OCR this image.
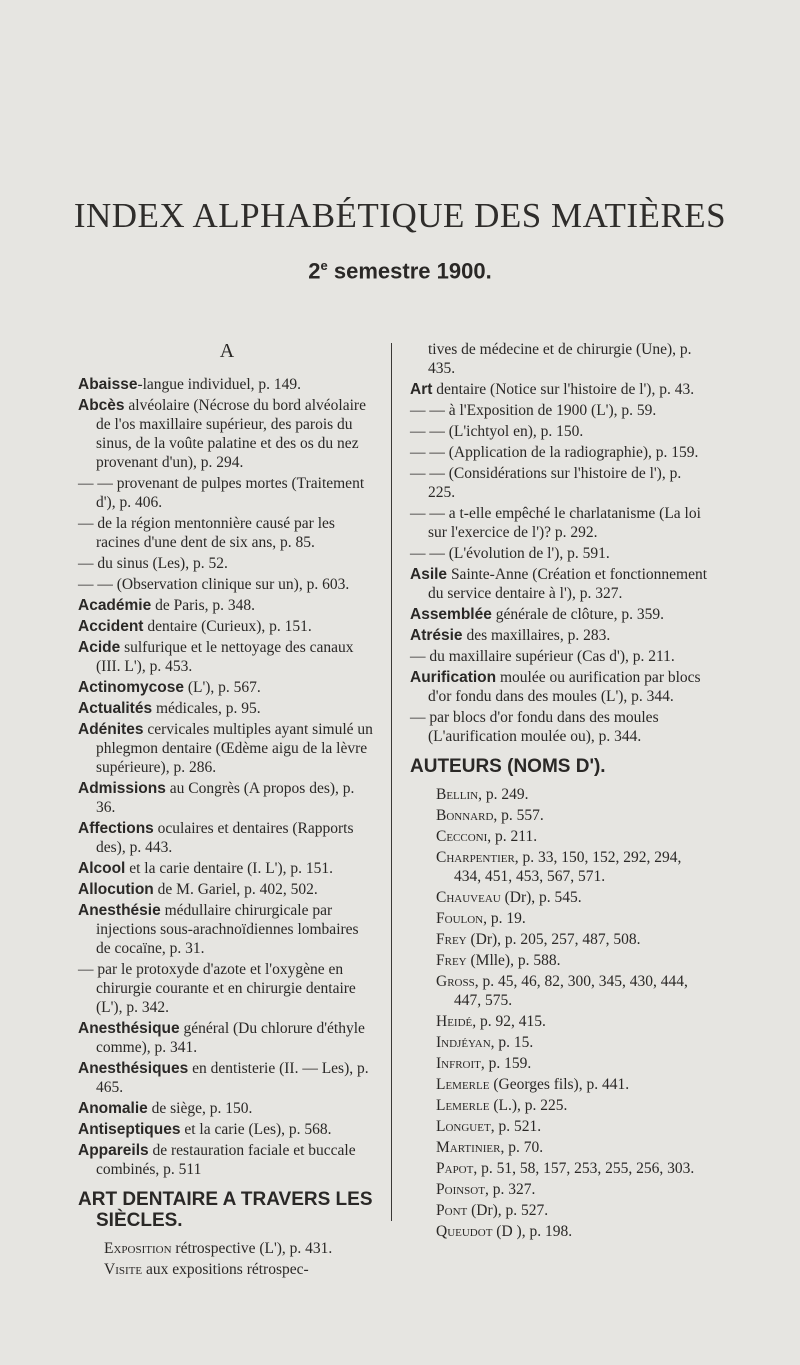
INDEX ALPHABÉTIQUE DES MATIÈRES
2e semestre 1900.
A
Abaisse-langue individuel, p. 149.
Abcès alvéolaire (Nécrose du bord alvéolaire de l'os maxillaire supérieur, des parois du sinus, de la voûte palatine et des os du nez provenant d'un), p. 294.
— — provenant de pulpes mortes (Traitement d'), p. 406.
— de la région mentonnière causé par les racines d'une dent de six ans, p. 85.
— du sinus (Les), p. 52.
— — (Observation clinique sur un), p. 603.
Académie de Paris, p. 348.
Accident dentaire (Curieux), p. 151.
Acide sulfurique et le nettoyage des canaux (III. L'), p. 453.
Actinomycose (L'), p. 567.
Actualités médicales, p. 95.
Adénites cervicales multiples ayant simulé un phlegmon dentaire (Œdème aigu de la lèvre supérieure), p. 286.
Admissions au Congrès (A propos des), p. 36.
Affections oculaires et dentaires (Rapports des), p. 443.
Alcool et la carie dentaire (I. L'), p. 151.
Allocution de M. Gariel, p. 402, 502.
Anesthésie médullaire chirurgicale par injections sous-arachnoïdiennes lombaires de cocaïne, p. 31.
— par le protoxyde d'azote et l'oxygène en chirurgie courante et en chirurgie dentaire (L'), p. 342.
Anesthésique général (Du chlorure d'éthyle comme), p. 341.
Anesthésiques en dentisterie (II. — Les), p. 465.
Anomalie de siège, p. 150.
Antiseptiques et la carie (Les), p. 568.
Appareils de restauration faciale et buccale combinés, p. 511
ART DENTAIRE A TRAVERS LES SIÈCLES.
Exposition rétrospective (L'), p. 431.
Visite aux expositions rétrospec-
tives de médecine et de chirurgie (Une), p. 435.
Art dentaire (Notice sur l'histoire de l'), p. 43.
— — à l'Exposition de 1900 (L'), p. 59.
— — (L'ichtyol en), p. 150.
— — (Application de la radiographie), p. 159.
— — (Considérations sur l'histoire de l'), p. 225.
— — a t-elle empêché le charlatanisme (La loi sur l'exercice de l')? p. 292.
— — (L'évolution de l'), p. 591.
Asile Sainte-Anne (Création et fonctionnement du service dentaire à l'), p. 327.
Assemblée générale de clôture, p. 359.
Atrésie des maxillaires, p. 283.
— du maxillaire supérieur (Cas d'), p. 211.
Aurification moulée ou aurification par blocs d'or fondu dans des moules (L'), p. 344.
— par blocs d'or fondu dans des moules (L'aurification moulée ou), p. 344.
AUTEURS (NOMS D').
Bellin, p. 249.
Bonnard, p. 557.
Cecconi, p. 211.
Charpentier, p. 33, 150, 152, 292, 294, 434, 451, 453, 567, 571.
Chauveau (Dr), p. 545.
Foulon, p. 19.
Frey (Dr), p. 205, 257, 487, 508.
Frey (Mlle), p. 588.
Gross, p. 45, 46, 82, 300, 345, 430, 444, 447, 575.
Heidé, p. 92, 415.
Indjéyan, p. 15.
Infroit, p. 159.
Lemerle (Georges fils), p. 441.
Lemerle (L.), p. 225.
Longuet, p. 521.
Martinier, p. 70.
Papot, p. 51, 58, 157, 253, 255, 256, 303.
Poinsot, p. 327.
Pont (Dr), p. 527.
Queudot (D ), p. 198.
